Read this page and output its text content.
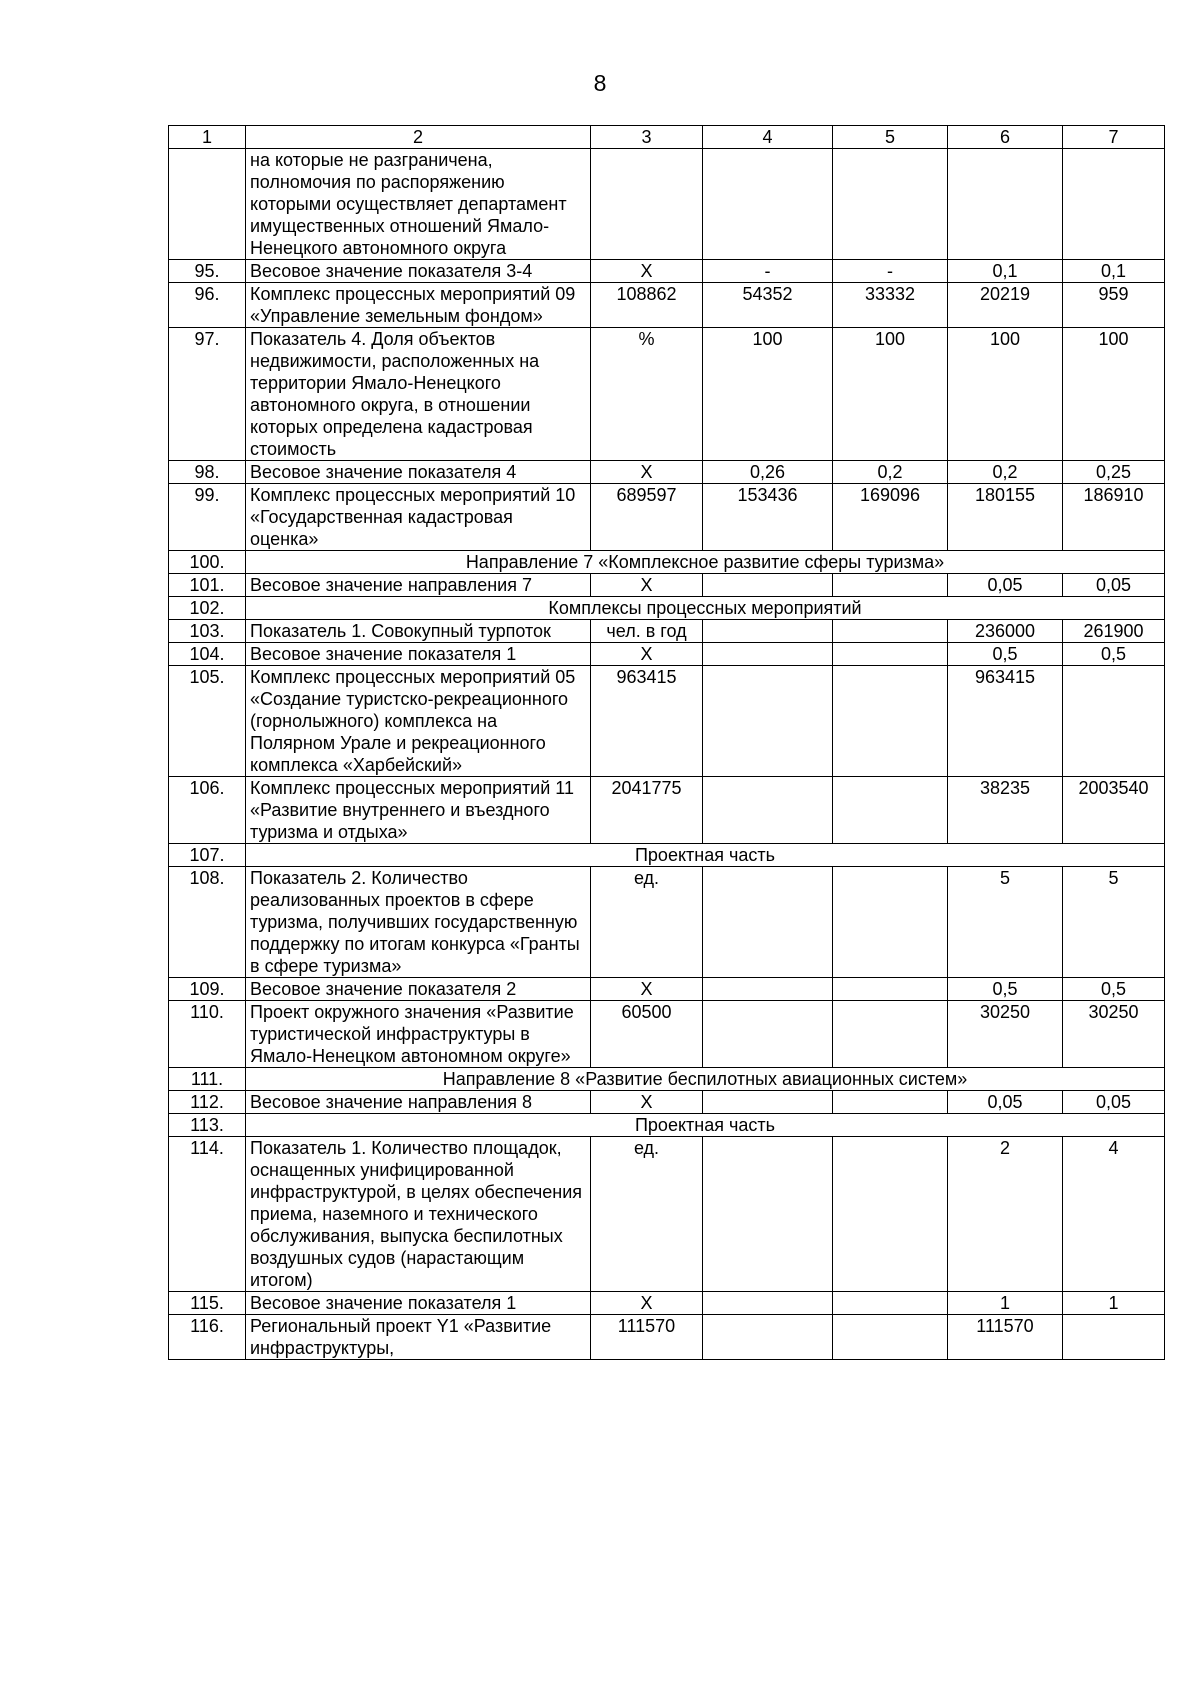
8
1	2	3	4	5	6	7
	на которые не разграничена, полномочия по распоряжению которыми осуществляет департамент имущественных отношений Ямало-Ненецкого автономного округа					
95.	Весовое значение показателя 3-4	Х	-	-	0,1	0,1
96.	Комплекс процессных мероприятий 09 «Управление земельным фондом»	108862	54352	33332	20219	959
97.	Показатель 4. Доля объектов недвижимости, расположенных на территории Ямало-Ненецкого автономного округа, в отношении которых определена кадастровая стоимость	%	100	100	100	100
98.	Весовое значение показателя 4	Х	0,26	0,2	0,2	0,25
99.	Комплекс процессных мероприятий 10 «Государственная кадастровая оценка»	689597	153436	169096	180155	186910
100.	Направление 7 «Комплексное развитие сферы туризма»					
101.	Весовое значение направления 7	Х			0,05	0,05
102.	Комплексы процессных мероприятий					
103.	Показатель 1. Совокупный турпоток	чел. в год			236000	261900
104.	Весовое значение показателя 1	Х			0,5	0,5
105.	Комплекс процессных мероприятий 05 «Создание туристско-рекреационного (горнолыжного) комплекса на Полярном Урале и рекреационного комплекса «Харбейский»	963415			963415	
106.	Комплекс процессных мероприятий 11 «Развитие внутреннего и въездного туризма и отдыха»	2041775			38235	2003540
107.	Проектная часть					
108.	Показатель 2. Количество реализованных проектов в сфере туризма, получивших государственную поддержку по итогам конкурса «Гранты в сфере туризма»	ед.			5	5
109.	Весовое значение показателя 2	Х			0,5	0,5
110.	Проект окружного значения «Развитие туристической инфраструктуры в Ямало-Ненецком автономном округе»	60500			30250	30250
111.	Направление 8 «Развитие беспилотных авиационных систем»					
112.	Весовое значение направления 8	Х			0,05	0,05
113.	Проектная часть					
114.	Показатель 1. Количество площадок, оснащенных унифицированной инфраструктурой, в целях обеспечения приема, наземного и технического обслуживания, выпуска беспилотных воздушных судов (нарастающим итогом)	ед.			2	4
115.	Весовое значение показателя 1	Х			1	1
116.	Региональный проект Y1 «Развитие инфраструктуры,	111570			111570	
